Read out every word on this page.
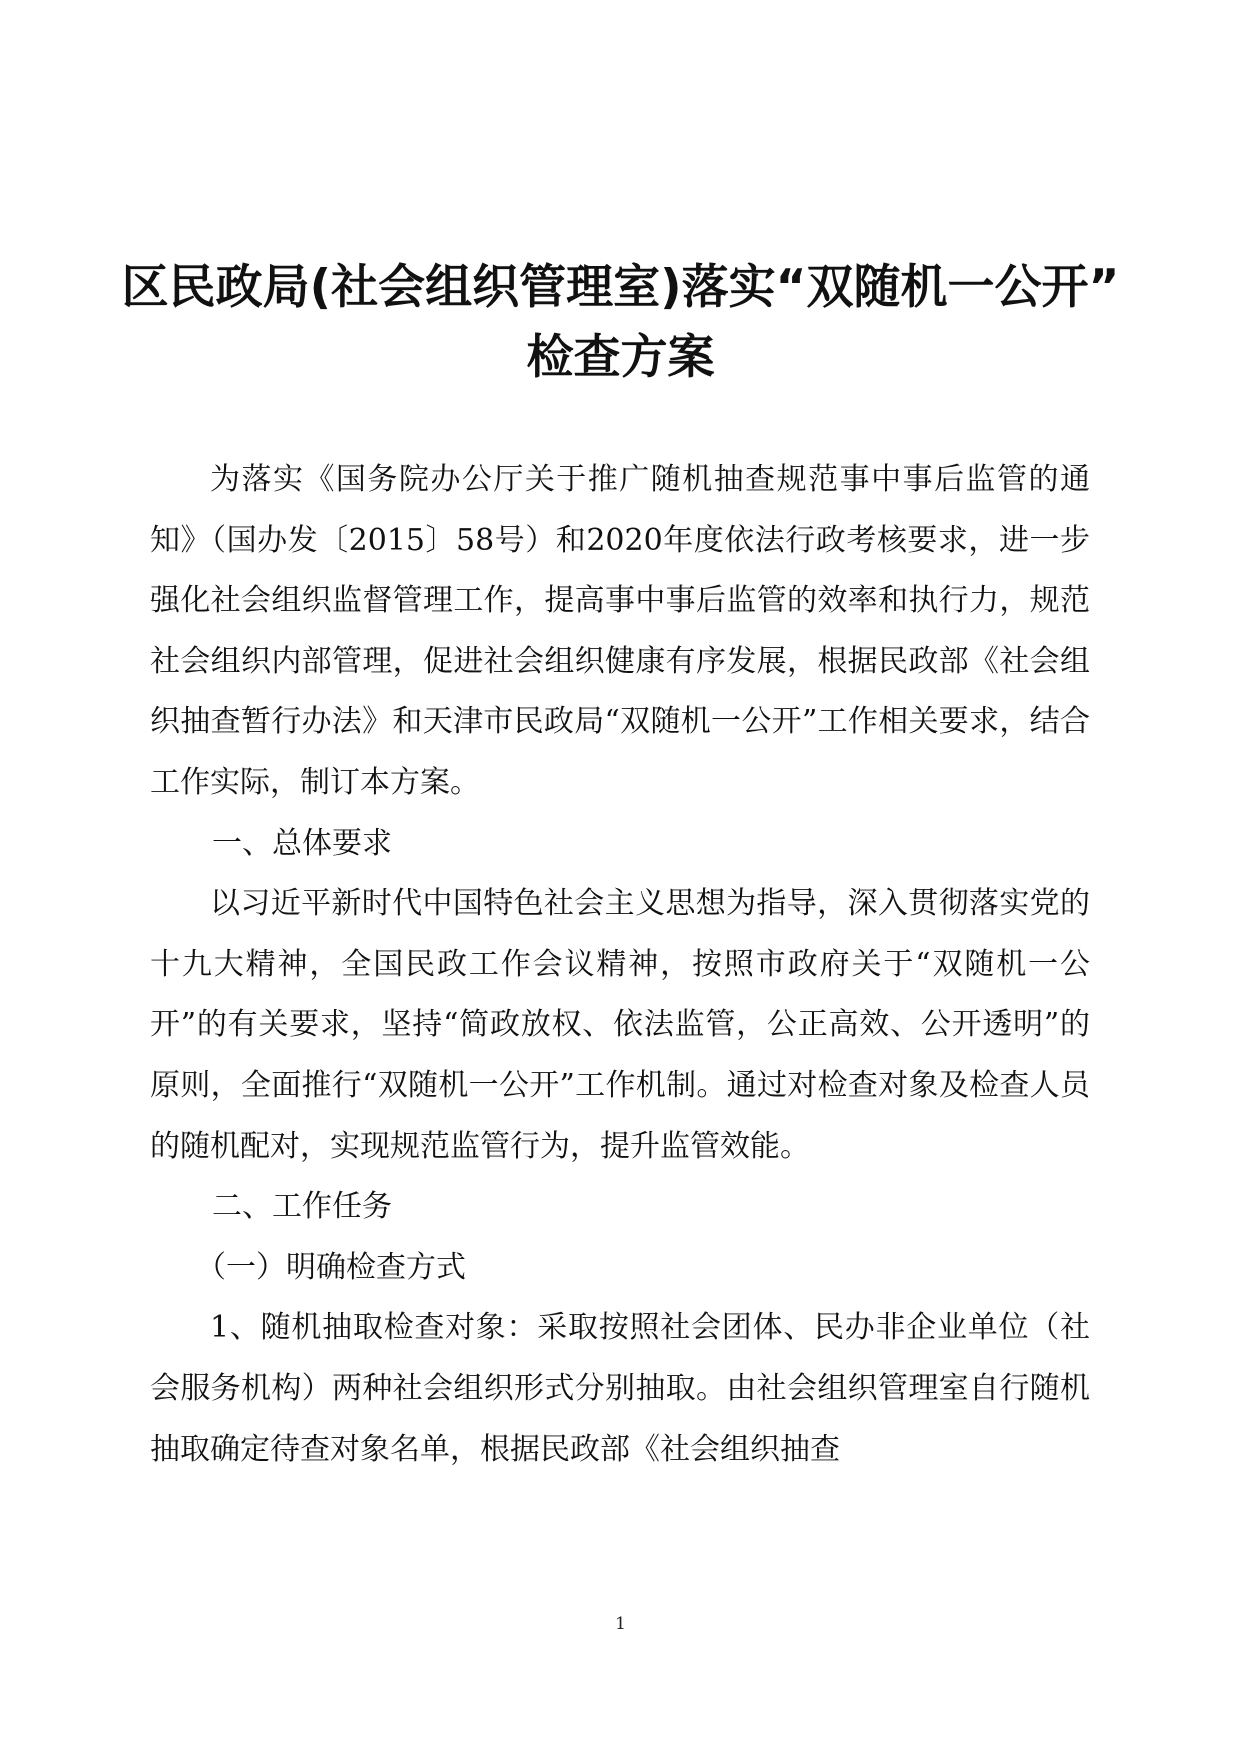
区民政局(社会组织管理室)落实“双随机一公开”
检查方案

为落实《国务院办公厅关于推广随机抽查规范事中事后监管的通知》（国办发〔2015〕58号）和2020年度依法行政考核要求，进一步强化社会组织监督管理工作，提高事中事后监管的效率和执行力，规范社会组织内部管理，促进社会组织健康有序发展，根据民政部《社会组织抽查暂行办法》和天津市民政局“双随机一公开”工作相关要求，结合工作实际，制订本方案。

一、总体要求

以习近平新时代中国特色社会主义思想为指导，深入贯彻落实党的十九大精神，全国民政工作会议精神，按照市政府关于“双随机一公开”的有关要求，坚持“简政放权、依法监管，公正高效、公开透明”的原则，全面推行“双随机一公开”工作机制。通过对检查对象及检查人员的随机配对，实现规范监管行为，提升监管效能。

二、工作任务

（一）明确检查方式

1、随机抽取检查对象：采取按照社会团体、民办非企业单位（社会服务机构）两种社会组织形式分别抽取。由社会组织管理室自行随机抽取确定待查对象名单，根据民政部《社会组织抽查

1
